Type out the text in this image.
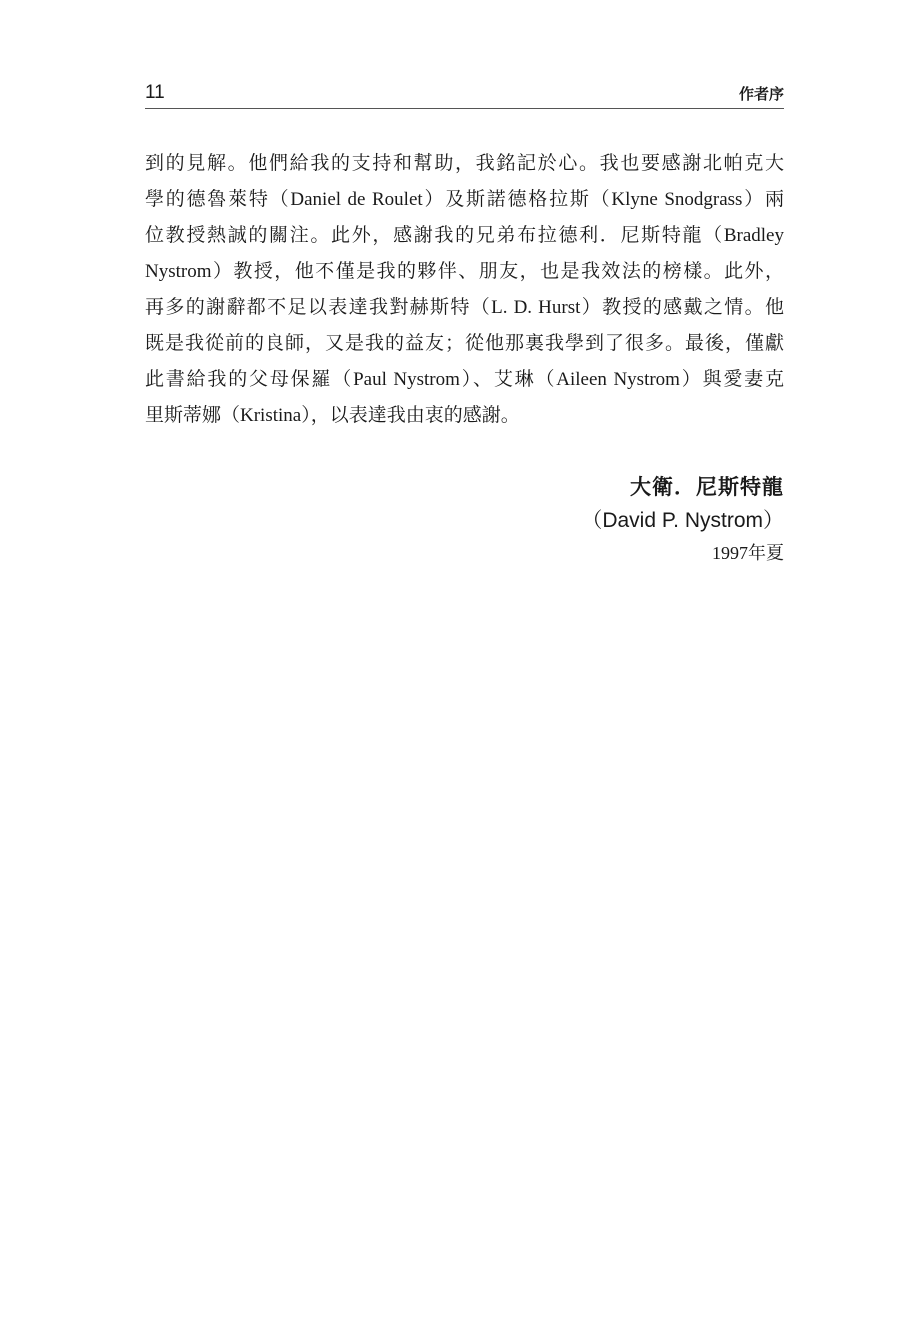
11	作者序
到的見解。他們給我的支持和幫助，我銘記於心。我也要感謝北帕克大
學的德魯萊特（Daniel de Roulet）及斯諾德格拉斯（Klyne Snodgrass）兩
位教授熱誠的關注。此外，感謝我的兄弟布拉德利．尼斯特龍（Bradley
Nystrom）教授，他不僅是我的夥伴、朋友，也是我效法的榜樣。此外，
再多的謝辭都不足以表達我對赫斯特（L. D. Hurst）教授的感戴之情。他
既是我從前的良師，又是我的益友；從他那裏我學到了很多。最後，僅獻
此書給我的父母保羅（Paul Nystrom）、艾琳（Aileen Nystrom）與愛妻克
里斯蒂娜（Kristina），以表達我由衷的感謝。
大衛．尼斯特龍
（David P. Nystrom）
1997年夏
